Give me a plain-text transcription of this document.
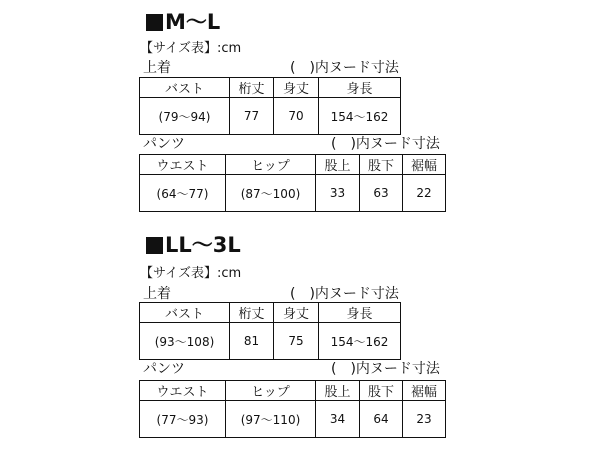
M〜L
【サイズ表】:cm
上着	(　)内ヌード寸法
バスト	桁丈	身丈	身長
(79〜94)	77	70	154〜162
パンツ	(　)内ヌード寸法
ウエスト	ヒップ	股上	股下	裾幅
(64〜77)	(87〜100)	33	63	22
LL〜3L
【サイズ表】:cm
上着	(　)内ヌード寸法
バスト	桁丈	身丈	身長
(93〜108)	81	75	154〜162
パンツ	(　)内ヌード寸法
ウエスト	ヒップ	股上	股下	裾幅
(77〜93)	(97〜110)	34	64	23
